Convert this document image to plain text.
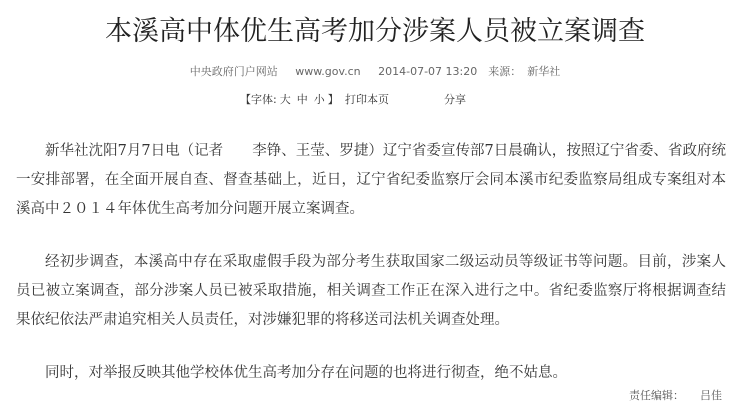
本溪高中体优生高考加分涉案人员被立案调查
中央政府门户网站 www.gov.cn 2014-07-07 13:20 来源： 新华社
【字体: 大 中 小 】 打印本页	分享

新华社沈阳7月7日电（记者　　李铮、王莹、罗捷）辽宁省委宣传部7日晨确认，按照辽宁省委、省政府统一安排部署，在全面开展自查、督查基础上，近日，辽宁省纪委监察厅会同本溪市纪委监察局组成专案组对本溪高中２０１４年体优生高考加分问题开展立案调查。

经初步调查，本溪高中存在采取虚假手段为部分考生获取国家二级运动员等级证书等问题。目前，涉案人员已被立案调查，部分涉案人员已被采取措施，相关调查工作正在深入进行之中。省纪委监察厅将根据调查结果依纪依法严肃追究相关人员责任，对涉嫌犯罪的将移送司法机关调查处理。

同时，对举报反映其他学校体优生高考加分存在问题的也将进行彻查，绝不姑息。

责任编辑： 吕佳
